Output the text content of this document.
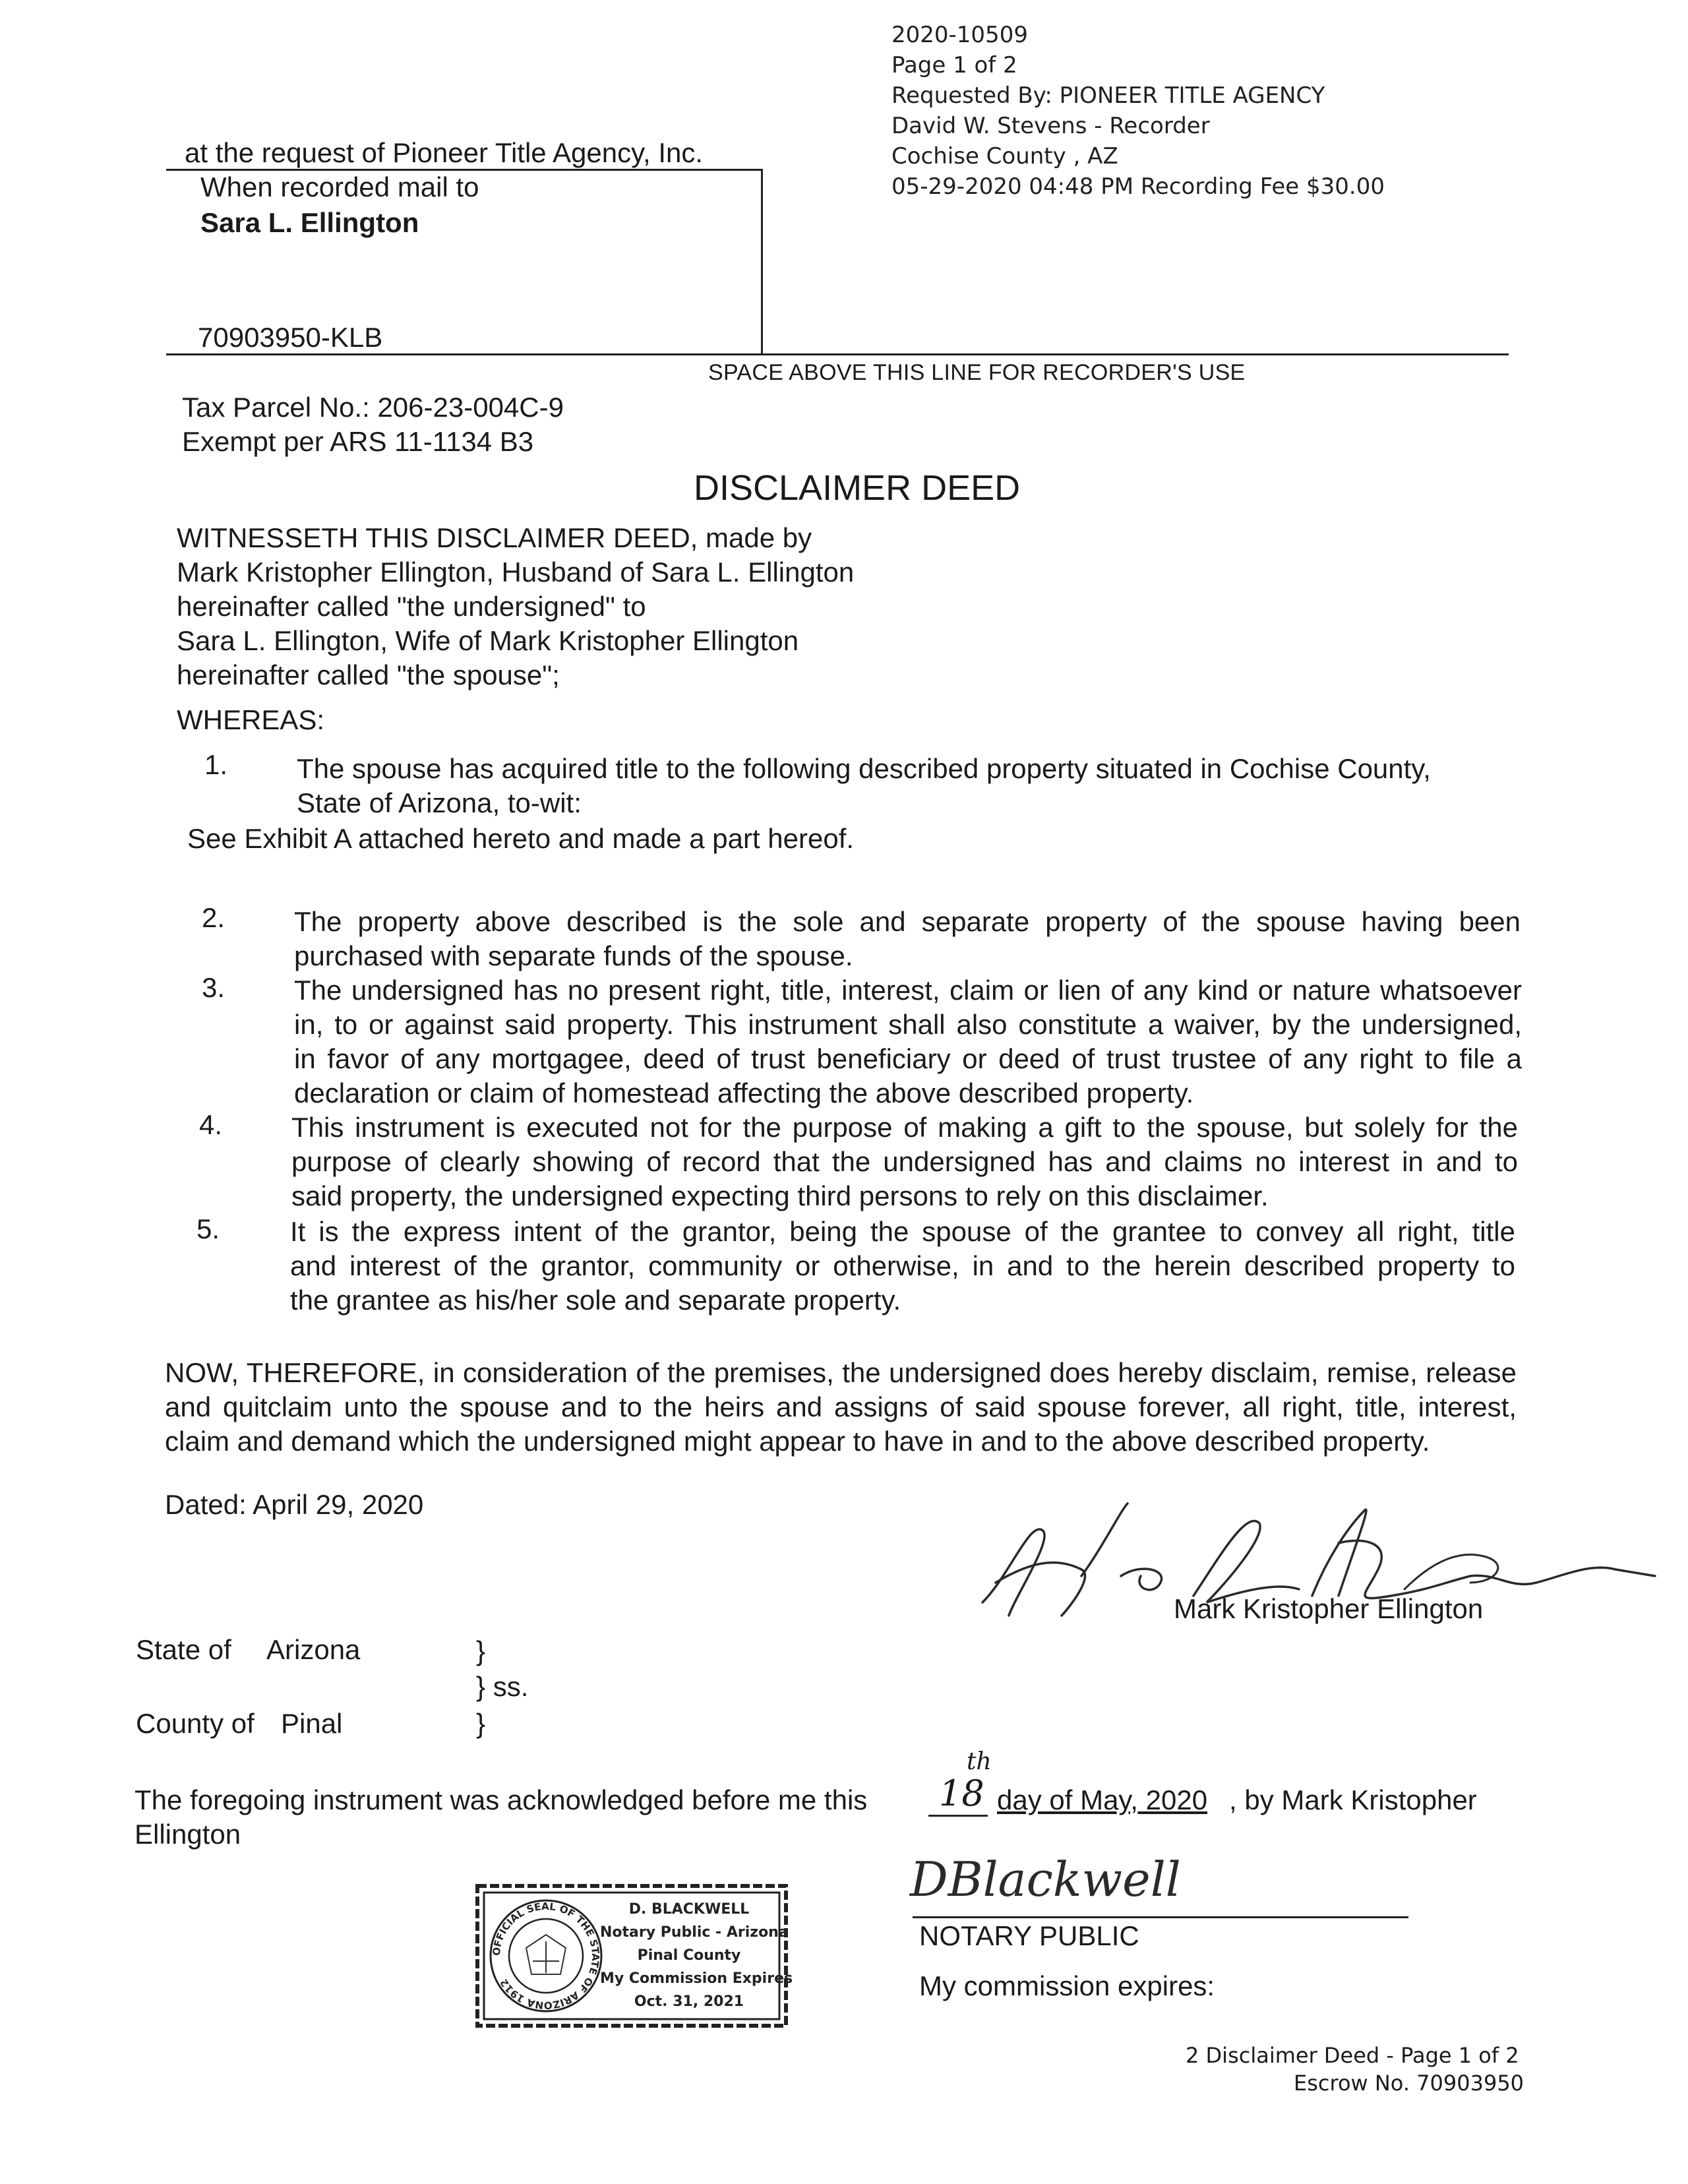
2020-10509
Page 1 of 2
Requested By: PIONEER TITLE AGENCY
David W. Stevens - Recorder
Cochise County , AZ
05-29-2020 04:48 PM Recording Fee $30.00
at the request of Pioneer Title Agency, Inc.
When recorded mail to
Sara L. Ellington
70903950-KLB
SPACE ABOVE THIS LINE FOR RECORDER'S USE
Tax Parcel No.: 206-23-004C-9
Exempt per ARS 11-1134 B3
DISCLAIMER DEED
WITNESSETH THIS DISCLAIMER DEED, made by
Mark Kristopher Ellington, Husband of Sara L. Ellington
hereinafter called "the undersigned" to
Sara L. Ellington, Wife of Mark Kristopher Ellington
hereinafter called "the spouse";
WHEREAS:
1. The spouse has acquired title to the following described property situated in Cochise County,
State of Arizona, to-wit:
See Exhibit A attached hereto and made a part hereof.
2. The property above described is the sole and separate property of the spouse having been
purchased with separate funds of the spouse.
3. The undersigned has no present right, title, interest, claim or lien of any kind or nature whatsoever
in, to or against said property. This instrument shall also constitute a waiver, by the undersigned,
in favor of any mortgagee, deed of trust beneficiary or deed of trust trustee of any right to file a
declaration or claim of homestead affecting the above described property.
4. This instrument is executed not for the purpose of making a gift to the spouse, but solely for the
purpose of clearly showing of record that the undersigned has and claims no interest in and to
said property, the undersigned expecting third persons to rely on this disclaimer.
5.	It is the express intent of the grantor, being the spouse of the grantee to convey all right, title
and interest of the grantor, community or otherwise, in and to the herein described property to
the grantee as his/her sole and separate property.
NOW, THEREFORE, in consideration of the premises, the undersigned does hereby disclaim, remise, release
and quitclaim unto the spouse and to the heirs and assigns of said spouse forever, all right, title, interest,
claim and demand which the undersigned might appear to have in and to the above described property.
Dated: April 29, 2020
Mark Kristopher Ellington
State of Arizona	}
} ss.
County of Pinal	}
The foregoing instrument was acknowledged before me this 18
th
day of May, 2020 , by Mark Kristopher
Ellington
OFFICIAL SEAL OF THE STATE OF ARIZONA 1912
D. BLACKWELL
Notary Public - Arizona
Pinal County
My Commission Expires
Oct. 31, 2021
DBlackwell
NOTARY PUBLIC
My commission expires:
2 Disclaimer Deed - Page 1 of 2
Escrow No. 70903950
